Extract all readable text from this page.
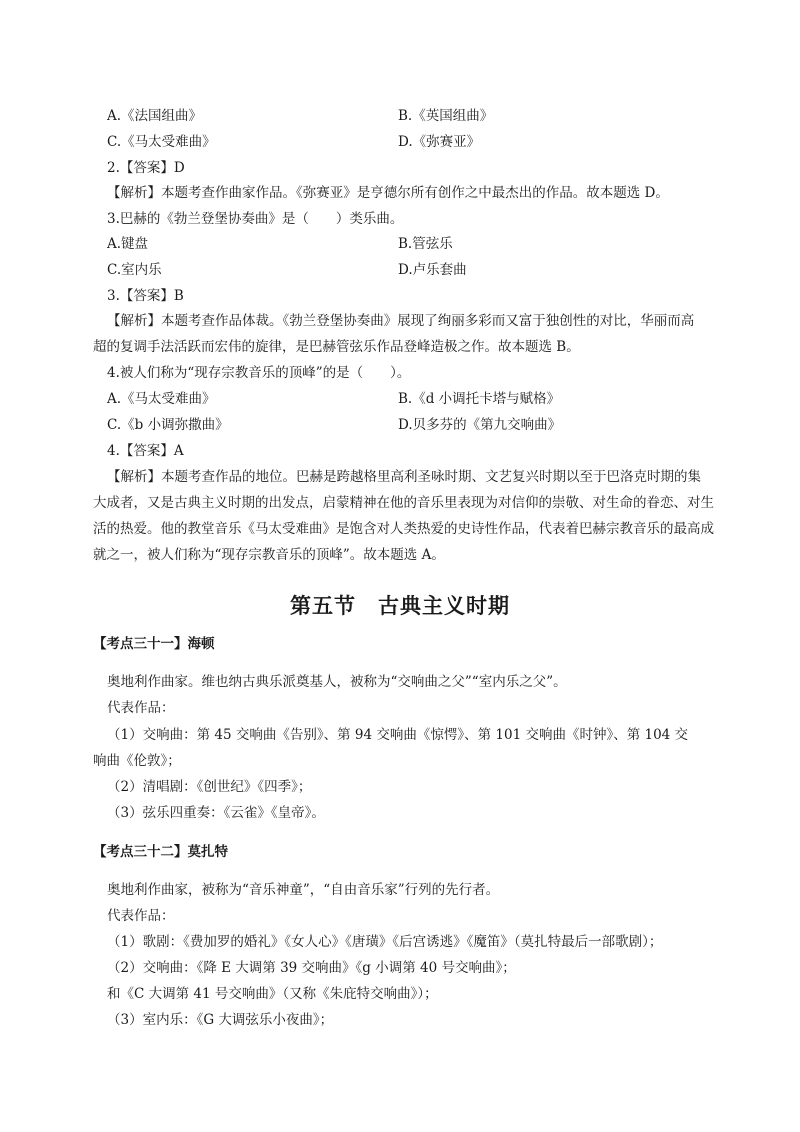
A.《法国组曲》	B.《英国组曲》
C.《马太受难曲》	D.《弥赛亚》
2.【答案】D
【解析】本题考查作曲家作品。《弥赛亚》是亨德尔所有创作之中最杰出的作品。故本题选 D。
3.巴赫的《勃兰登堡协奏曲》是（　　）类乐曲。
A.键盘	B.管弦乐
C.室内乐	D.卢乐套曲
3.【答案】B
【解析】本题考查作品体裁。《勃兰登堡协奏曲》展现了绚丽多彩而又富于独创性的对比，华丽而高
超的复调手法活跃而宏伟的旋律，是巴赫管弦乐作品登峰造极之作。故本题选 B。
4.被人们称为“现存宗教音乐的顶峰”的是（　　）。
A.《马太受难曲》	B.《d 小调托卡塔与赋格》
C.《b 小调弥撒曲》	D.贝多芬的《第九交响曲》
4.【答案】A
【解析】本题考查作品的地位。巴赫是跨越格里高利圣咏时期、文艺复兴时期以至于巴洛克时期的集
大成者，又是古典主义时期的出发点，启蒙精神在他的音乐里表现为对信仰的崇敬、对生命的眷恋、对生
活的热爱。他的教堂音乐《马太受难曲》是饱含对人类热爱的史诗性作品，代表着巴赫宗教音乐的最高成
就之一，被人们称为“现存宗教音乐的顶峰”。故本题选 A。
第五节　古典主义时期
【考点三十一】海顿
奥地利作曲家。维也纳古典乐派奠基人，被称为“交响曲之父”“室内乐之父”。
代表作品：
（1）交响曲：第 45 交响曲《告别》、第 94 交响曲《惊愕》、第 101 交响曲《时钟》、第 104 交
响曲《伦敦》；
（2）清唱剧：《创世纪》《四季》；
（3）弦乐四重奏：《云雀》《皇帝》。
【考点三十二】莫扎特
奥地利作曲家，被称为“音乐神童”，“自由音乐家”行列的先行者。
代表作品：
（1）歌剧：《费加罗的婚礼》《女人心》《唐璜》《后宫诱逃》《魔笛》（莫扎特最后一部歌剧）；
（2）交响曲：《降 E 大调第 39 交响曲》《g 小调第 40 号交响曲》；
和《C 大调第 41 号交响曲》（又称《朱庇特交响曲》）；
（3）室内乐：《G 大调弦乐小夜曲》；
